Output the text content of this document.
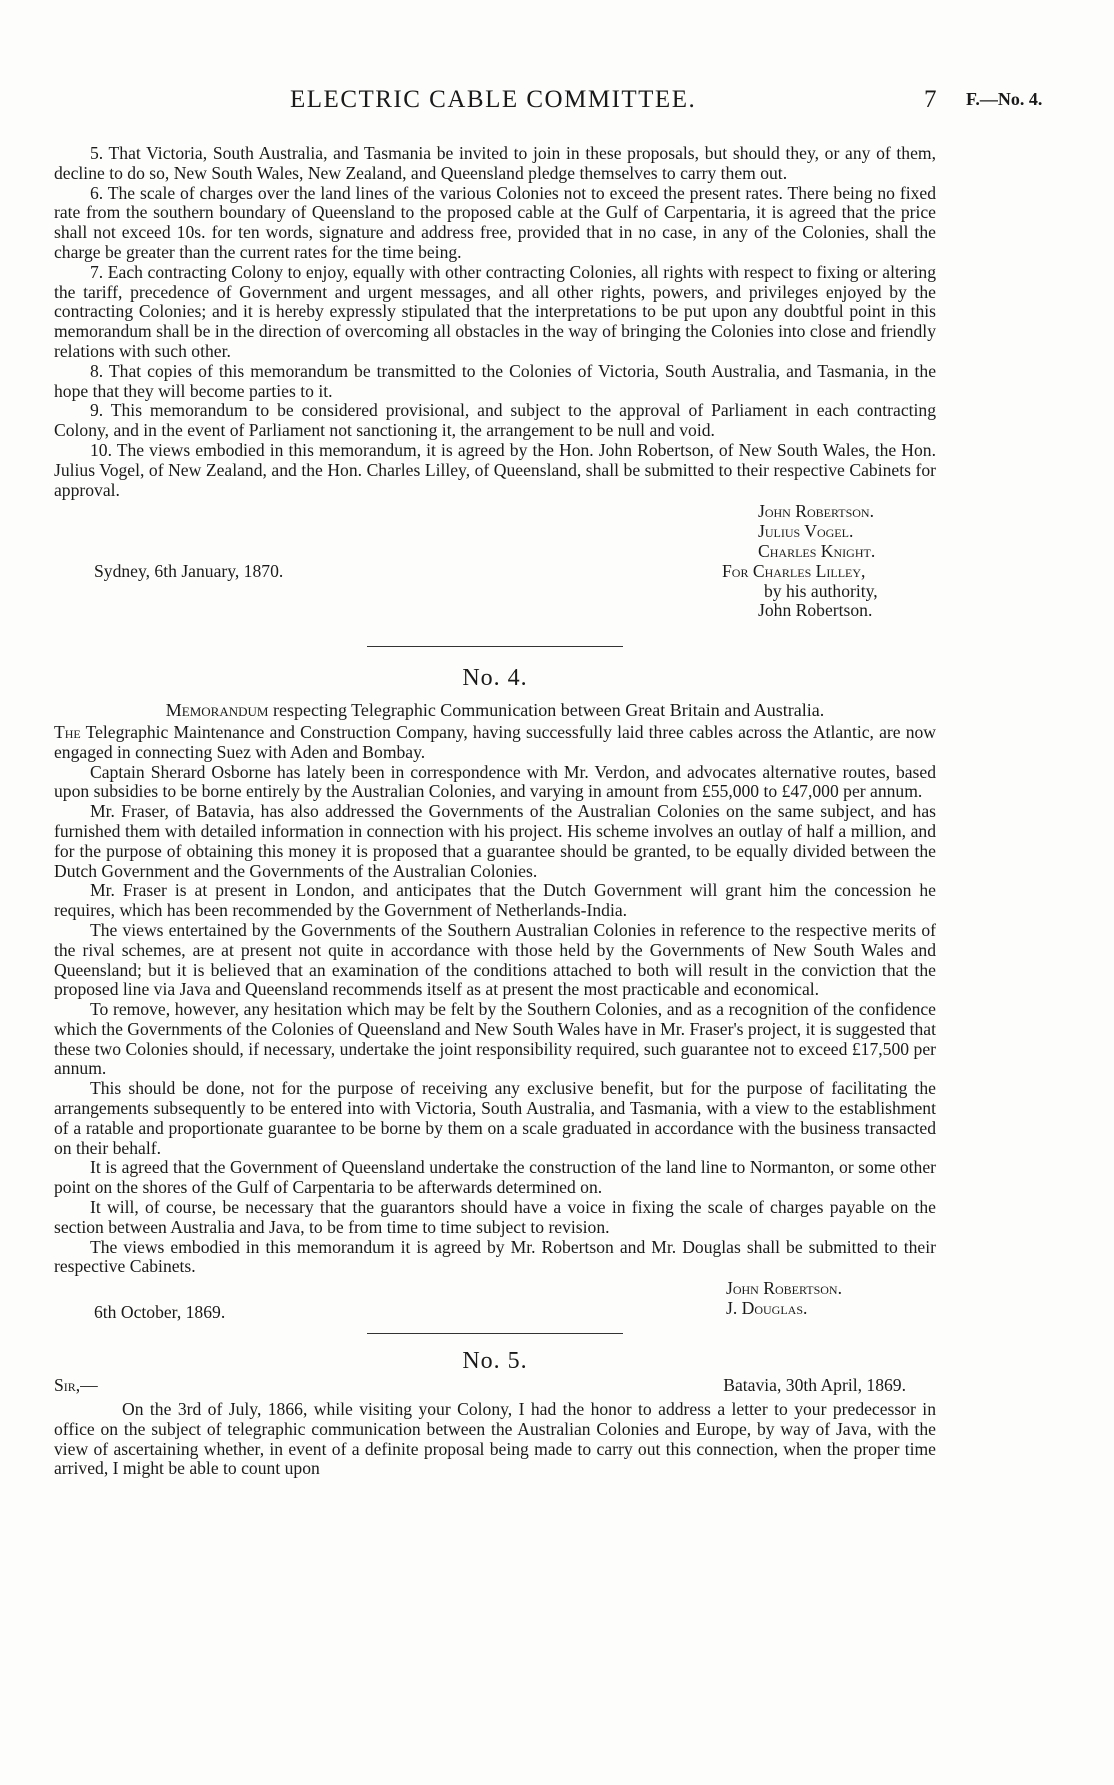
ELECTRIC CABLE COMMITTEE.	7 F.—No. 4.

5. That Victoria, South Australia, and Tasmania be invited to join in these proposals, but should they, or any of them, decline to do so, New South Wales, New Zealand, and Queensland pledge themselves to carry them out.

6. The scale of charges over the land lines of the various Colonies not to exceed the present rates. There being no fixed rate from the southern boundary of Queensland to the proposed cable at the Gulf of Carpentaria, it is agreed that the price shall not exceed 10s. for ten words, signature and address free, provided that in no case, in any of the Colonies, shall the charge be greater than the current rates for the time being.

7. Each contracting Colony to enjoy, equally with other contracting Colonies, all rights with respect to fixing or altering the tariff, precedence of Government and urgent messages, and all other rights, powers, and privileges enjoyed by the contracting Colonies; and it is hereby expressly stipulated that the interpretations to be put upon any doubtful point in this memorandum shall be in the direction of overcoming all obstacles in the way of bringing the Colonies into close and friendly relations with such other.

8. That copies of this memorandum be transmitted to the Colonies of Victoria, South Australia, and Tasmania, in the hope that they will become parties to it.

9. This memorandum to be considered provisional, and subject to the approval of Parliament in each contracting Colony, and in the event of Parliament not sanctioning it, the arrangement to be null and void.

10. The views embodied in this memorandum, it is agreed by the Hon. John Robertson, of New South Wales, the Hon. Julius Vogel, of New Zealand, and the Hon. Charles Lilley, of Queensland, shall be submitted to their respective Cabinets for approval.

Sydney, 6th January, 1870.
John Robertson.
Julius Vogel.
Charles Knight.
For Charles Lilley,
by his authority,
John Robertson.
No. 4.

Memorandum respecting Telegraphic Communication between Great Britain and Australia.

The Telegraphic Maintenance and Construction Company, having successfully laid three cables across the Atlantic, are now engaged in connecting Suez with Aden and Bombay.

Captain Sherard Osborne has lately been in correspondence with Mr. Verdon, and advocates alternative routes, based upon subsidies to be borne entirely by the Australian Colonies, and varying in amount from £55,000 to £47,000 per annum.

Mr. Fraser, of Batavia, has also addressed the Governments of the Australian Colonies on the same subject, and has furnished them with detailed information in connection with his project. His scheme involves an outlay of half a million, and for the purpose of obtaining this money it is proposed that a guarantee should be granted, to be equally divided between the Dutch Government and the Governments of the Australian Colonies.

Mr. Fraser is at present in London, and anticipates that the Dutch Government will grant him the concession he requires, which has been recommended by the Government of Netherlands-India.

The views entertained by the Governments of the Southern Australian Colonies in reference to the respective merits of the rival schemes, are at present not quite in accordance with those held by the Governments of New South Wales and Queensland; but it is believed that an examination of the conditions attached to both will result in the conviction that the proposed line via Java and Queensland recommends itself as at present the most practicable and economical.

To remove, however, any hesitation which may be felt by the Southern Colonies, and as a recognition of the confidence which the Governments of the Colonies of Queensland and New South Wales have in Mr. Fraser's project, it is suggested that these two Colonies should, if necessary, undertake the joint responsibility required, such guarantee not to exceed £17,500 per annum.

This should be done, not for the purpose of receiving any exclusive benefit, but for the purpose of facilitating the arrangements subsequently to be entered into with Victoria, South Australia, and Tasmania, with a view to the establishment of a ratable and proportionate guarantee to be borne by them on a scale graduated in accordance with the business transacted on their behalf.

It is agreed that the Government of Queensland undertake the construction of the land line to Normanton, or some other point on the shores of the Gulf of Carpentaria to be afterwards determined on.

It will, of course, be necessary that the guarantors should have a voice in fixing the scale of charges payable on the section between Australia and Java, to be from time to time subject to revision.

The views embodied in this memorandum it is agreed by Mr. Robertson and Mr. Douglas shall be submitted to their respective Cabinets.

6th October, 1869.
John Robertson.
J. Douglas.
No. 5.
Sir,—	Batavia, 30th April, 1869.

On the 3rd of July, 1866, while visiting your Colony, I had the honor to address a letter to your predecessor in office on the subject of telegraphic communication between the Australian Colonies and Europe, by way of Java, with the view of ascertaining whether, in event of a definite proposal being made to carry out this connection, when the proper time arrived, I might be able to count upon
